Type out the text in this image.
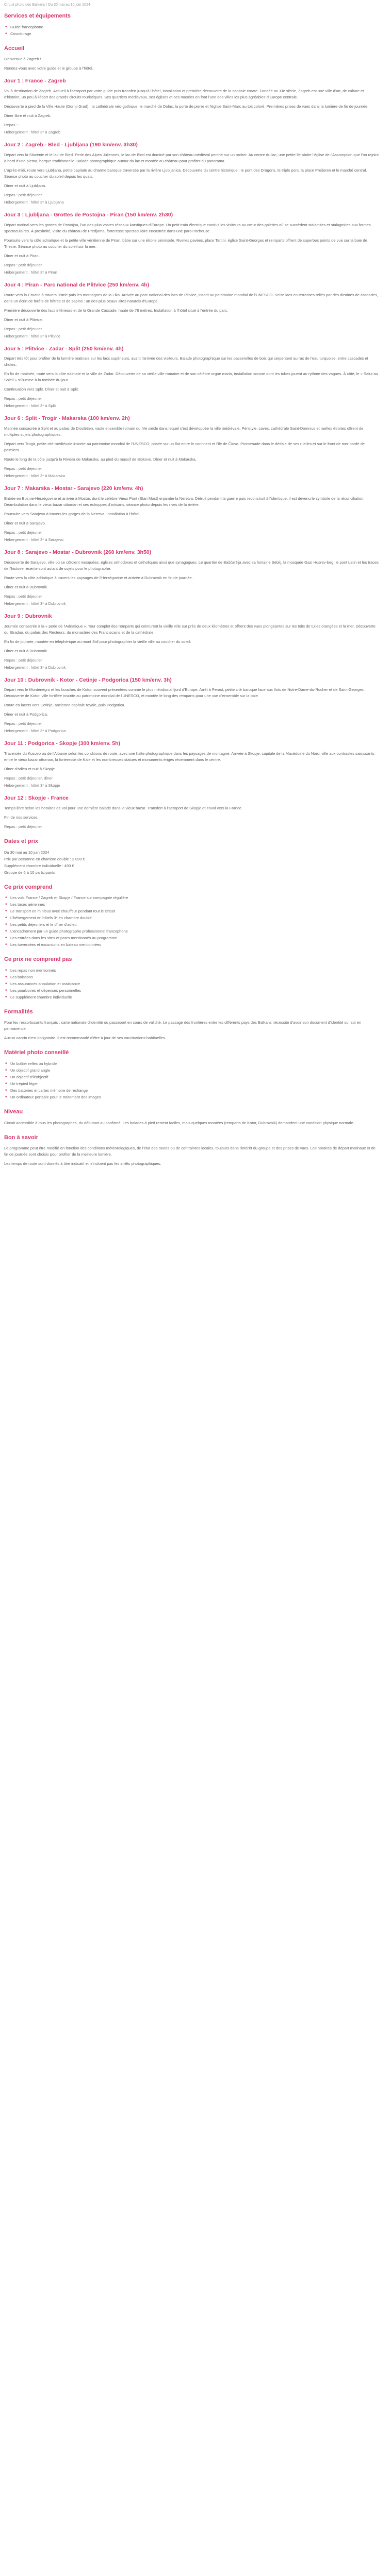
Circuit photo des Balkans / Du 30 mai au 10 juin 2024
Services et équipements
• Guide francophone
• Covoiturage
Accueil

Bienvenue à Zagreb !

Rendez-vous avec votre guide et le groupe à l'hôtel.

Jour 1 : France - Zagreb

Vol à destination de Zagreb. Accueil à l'aéroport par votre guide puis transfert jusqu'à l'hôtel, installation et première découverte de la capitale croate. Fondée au XIe siècle, Zagreb est une ville d'art, de culture et d'histoire, un peu à l'écart des grands circuits touristiques. Ses quartiers médiévaux, ses églises et ses musées en font l'une des villes les plus agréables d'Europe centrale.

Découverte à pied de la Ville Haute (Gornji Grad) : la cathédrale néo-gothique, le marché de Dolac, la porte de pierre et l'église Saint-Marc au toit coloré. Premières prises de vues dans la lumière de fin de journée.

Dîner libre et nuit à Zagreb.

Repas : -

Hébergement : hôtel 3* à Zagreb

Jour 2 : Zagreb - Bled - Ljubljana (190 km/env. 3h30)

Départ vers la Slovénie et le lac de Bled. Perle des Alpes Juliennes, le lac de Bled est dominé par son château médiéval perché sur un rocher. Au centre du lac, une petite île abrite l'église de l'Assomption que l'on rejoint à bord d'une pletna, barque traditionnelle. Balade photographique autour du lac et montée au château pour profiter du panorama.

L'après-midi, route vers Ljubljana, petite capitale au charme baroque traversée par la rivière Ljubljanica. Découverte du centre historique : le pont des Dragons, le triple pont, la place Prešeren et le marché central. Séance photo au coucher du soleil depuis les quais.

Dîner et nuit à Ljubljana.

Repas : petit déjeuner

Hébergement : hôtel 3* à Ljubljana

Jour 3 : Ljubljana - Grottes de Postojna - Piran (150 km/env. 2h30)

Départ matinal vers les grottes de Postojna, l'un des plus vastes réseaux karstiques d'Europe. Un petit train électrique conduit les visiteurs au cœur des galeries où se succèdent stalactites et stalagmites aux formes spectaculaires. À proximité, visite du château de Predjama, forteresse spectaculaire encastrée dans une paroi rocheuse.

Poursuite vers la côte adriatique et la petite ville vénitienne de Piran, bâtie sur une étroite péninsule. Ruelles pavées, place Tartini, église Saint-Georges et remparts offrent de superbes points de vue sur la baie de Trieste. Séance photo au coucher du soleil sur la mer.

Dîner et nuit à Piran.

Repas : petit déjeuner

Hébergement : hôtel 3* à Piran

Jour 4 : Piran - Parc national de Plitvice (250 km/env. 4h)

Route vers la Croatie à travers l'Istrie puis les montagnes de la Lika. Arrivée au parc national des lacs de Plitvice, inscrit au patrimoine mondial de l'UNESCO. Seize lacs en terrasses reliés par des dizaines de cascades, dans un écrin de forêts de hêtres et de sapins : un des plus beaux sites naturels d'Europe.

Première découverte des lacs inférieurs et de la Grande Cascade, haute de 78 mètres. Installation à l'hôtel situé à l'entrée du parc.

Dîner et nuit à Plitvice.

Repas : petit déjeuner

Hébergement : hôtel 3* à Plitvice

Jour 5 : Plitvice - Zadar - Split (250 km/env. 4h)

Départ très tôt pour profiter de la lumière matinale sur les lacs supérieurs, avant l'arrivée des visiteurs. Balade photographique sur les passerelles de bois qui serpentent au ras de l'eau turquoise, entre cascades et chutes.

En fin de matinée, route vers la côte dalmate et la ville de Zadar. Découverte de sa vieille ville romaine et de son célèbre orgue marin, installation sonore dont les tubes jouent au rythme des vagues. À côté, le « Salut au Soleil » s'illumine à la tombée du jour.

Continuation vers Split. Dîner et nuit à Split.

Repas : petit déjeuner

Hébergement : hôtel 3* à Split

Jour 6 : Split - Trogir - Makarska (100 km/env. 2h)

Matinée consacrée à Split et au palais de Dioclétien, vaste ensemble romain du IVe siècle dans lequel s'est développée la ville médiévale. Péristyle, caves, cathédrale Saint-Domnius et ruelles étroites offrent de multiples sujets photographiques.

Départ vers Trogir, petite cité médiévale inscrite au patrimoine mondial de l'UNESCO, posée sur un îlot entre le continent et l'île de Čiovo. Promenade dans le dédale de ses ruelles et sur le front de mer bordé de palmiers.

Route le long de la côte jusqu'à la Riviera de Makarska, au pied du massif de Biokovo. Dîner et nuit à Makarska.

Repas : petit déjeuner

Hébergement : hôtel 3* à Makarska

Jour 7 : Makarska - Mostar - Sarajevo (220 km/env. 4h)

Entrée en Bosnie-Herzégovine et arrivée à Mostar, dont le célèbre Vieux Pont (Stari Most) enjambe la Neretva. Détruit pendant la guerre puis reconstruit à l'identique, il est devenu le symbole de la réconciliation. Déambulation dans le vieux bazar ottoman et ses échoppes d'artisans, séance photo depuis les rives de la rivière.

Poursuite vers Sarajevo à travers les gorges de la Neretva. Installation à l'hôtel.

Dîner et nuit à Sarajevo.

Repas : petit déjeuner

Hébergement : hôtel 3* à Sarajevo

Jour 8 : Sarajevo - Mostar - Dubrovnik (260 km/env. 3h50)

Découverte de Sarajevo, ville où se côtoient mosquées, églises orthodoxes et catholiques ainsi que synagogues. Le quartier de Baščaršija avec sa fontaine Sebilj, la mosquée Gazi Husrev-beg, le pont Latin et les traces de l'histoire récente sont autant de sujets pour le photographe.

Route vers la côte adriatique à travers les paysages de l'Herzégovine et arrivée à Dubrovnik en fin de journée.

Dîner et nuit à Dubrovnik.

Repas : petit déjeuner

Hébergement : hôtel 3* à Dubrovnik

Jour 9 : Dubrovnik

Journée consacrée à la « perle de l'Adriatique ». Tour complet des remparts qui ceinturent la vieille ville sur près de deux kilomètres et offrent des vues plongeantes sur les toits de tuiles orangées et la mer. Découverte du Stradun, du palais des Recteurs, du monastère des Franciscains et de la cathédrale.

En fin de journée, montée en téléphérique au mont Srđ pour photographier la vieille ville au coucher du soleil.

Dîner et nuit à Dubrovnik.

Repas : petit déjeuner

Hébergement : hôtel 3* à Dubrovnik

Jour 10 : Dubrovnik - Kotor - Cetinje - Podgorica (150 km/env. 3h)

Départ vers le Monténégro et les bouches de Kotor, souvent présentées comme le plus méridional fjord d'Europe. Arrêt à Perast, petite cité baroque face aux îlots de Notre-Dame-du-Rocher et de Saint-Georges. Découverte de Kotor, ville fortifiée inscrite au patrimoine mondial de l'UNESCO, et montée le long des remparts pour une vue d'ensemble sur la baie.

Route en lacets vers Cetinje, ancienne capitale royale, puis Podgorica.

Dîner et nuit à Podgorica.

Repas : petit déjeuner

Hébergement : hôtel 3* à Podgorica

Jour 11 : Podgorica - Skopje (300 km/env. 5h)

Traversée du Kosovo ou de l'Albanie selon les conditions de route, avec une halte photographique dans les paysages de montagne. Arrivée à Skopje, capitale de la Macédoine du Nord, ville aux contrastes saisissants entre le vieux bazar ottoman, la forteresse de Kale et les nombreuses statues et monuments érigés récemment dans le centre.

Dîner d'adieu et nuit à Skopje.

Repas : petit déjeuner, dîner

Hébergement : hôtel 3* à Skopje

Jour 12 : Skopje - France

Temps libre selon les horaires de vol pour une dernière balade dans le vieux bazar. Transfert à l'aéroport de Skopje et envol vers la France.

Fin de nos services.

Repas : petit déjeuner

Dates et prix

Du 30 mai au 10 juin 2024

Prix par personne en chambre double : 2 890 €

Supplément chambre individuelle : 490 €

Groupe de 6 à 10 participants

Ce prix comprend
• Les vols France / Zagreb et Skopje / France sur compagnie régulière
• Les taxes aériennes
• Le transport en minibus avec chauffeur pendant tout le circuit
• L'hébergement en hôtels 3* en chambre double
• Les petits déjeuners et le dîner d'adieu
• L'encadrement par un guide photographe professionnel francophone
• Les entrées dans les sites et parcs mentionnés au programme
• Les traversées et excursions en bateau mentionnées
Ce prix ne comprend pas
• Les repas non mentionnés
• Les boissons
• Les assurances annulation et assistance
• Les pourboires et dépenses personnelles
• Le supplément chambre individuelle
Formalités

Pour les ressortissants français : carte nationale d'identité ou passeport en cours de validité. Le passage des frontières entre les différents pays des Balkans nécessite d'avoir son document d'identité sur soi en permanence.

Aucun vaccin n'est obligatoire. Il est recommandé d'être à jour de ses vaccinations habituelles.

Matériel photo conseillé
• Un boîtier reflex ou hybride
• Un objectif grand angle
• Un objectif téléobjectif
• Un trépied léger
• Des batteries et cartes mémoire de rechange
• Un ordinateur portable pour le traitement des images
Niveau

Circuit accessible à tous les photographes, du débutant au confirmé. Les balades à pied restent faciles, mais quelques montées (remparts de Kotor, Dubrovnik) demandent une condition physique normale.

Bon à savoir

Le programme peut être modifié en fonction des conditions météorologiques, de l'état des routes ou de contraintes locales, toujours dans l'intérêt du groupe et des prises de vues. Les horaires de départ matinaux et de fin de journée sont choisis pour profiter de la meilleure lumière.

Les temps de route sont donnés à titre indicatif et n'incluent pas les arrêts photographiques.
